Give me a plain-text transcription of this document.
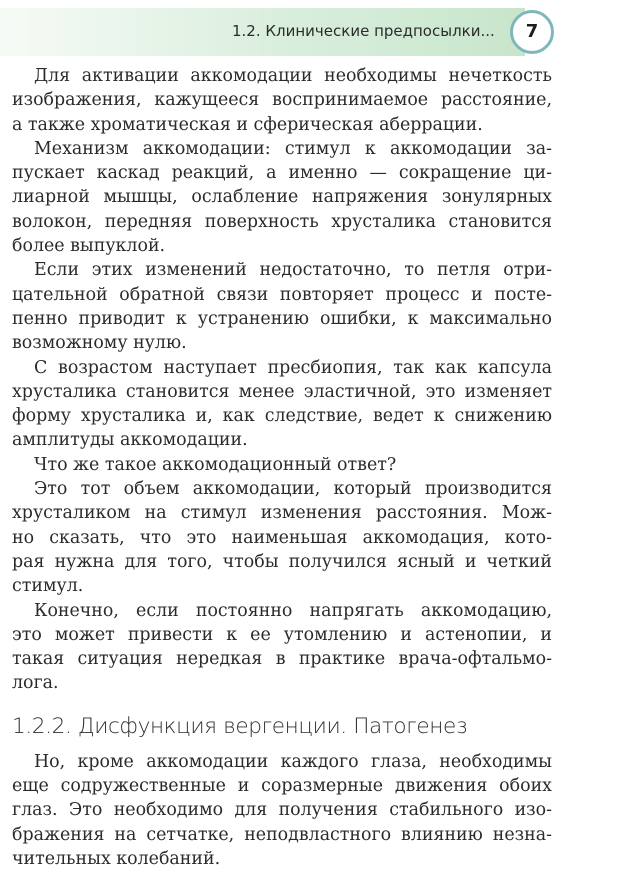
1.2. Клинические предпосылки...	7

Для активации аккомодации необходимы нечеткость
изображения, кажущееся воспринимаемое расстояние,
а также хроматическая и сферическая аберрации.

Механизм аккомодации: стимул к аккомодации за-
пускает каскад реакций, а именно — сокращение ци-
лиарной мышцы, ослабление напряжения зонулярных
волокон, передняя поверхность хрусталика становится
более выпуклой.

Если этих изменений недостаточно, то петля отри-
цательной обратной связи повторяет процесс и посте-
пенно приводит к устранению ошибки, к максимально
возможному нулю.

С возрастом наступает пресбиопия, так как капсула
хрусталика становится менее эластичной, это изменяет
форму хрусталика и, как следствие, ведет к снижению
амплитуды аккомодации.

Что же такое аккомодационный ответ?

Это тот объем аккомодации, который производится
хрусталиком на стимул изменения расстояния. Мож-
но сказать, что это наименьшая аккомодация, кото-
рая нужна для того, чтобы получился ясный и четкий
стимул.

Конечно, если постоянно напрягать аккомодацию,
это может привести к ее утомлению и астенопии, и
такая ситуация нередкая в практике врача-офтальмо-
лога.

1.2.2. Дисфункция вергенции. Патогенез

Но, кроме аккомодации каждого глаза, необходимы
еще содружественные и соразмерные движения обоих
глаз. Это необходимо для получения стабильного изо-
бражения на сетчатке, неподвластного влиянию незна-
чительных колебаний.
